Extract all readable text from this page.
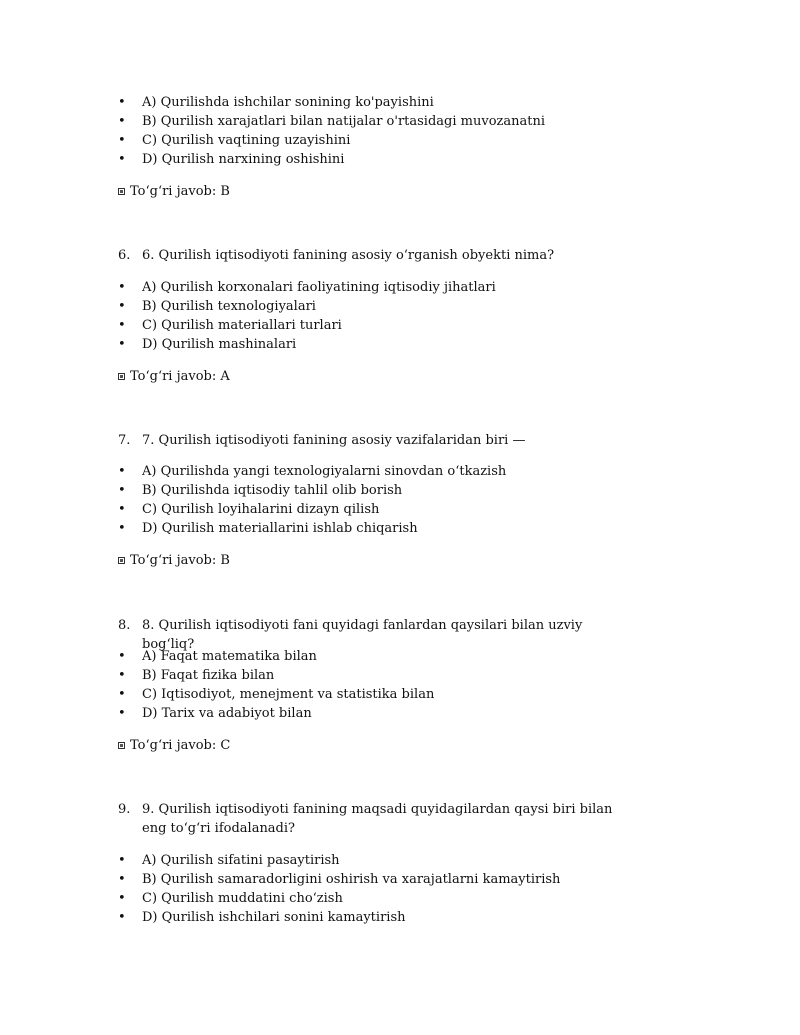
•	A) Qurilishda ishchilar sonining ko'payishini
•	B) Qurilish xarajatlari bilan natijalar o'rtasidagi muvozanatni
•	C) Qurilish vaqtining uzayishini
•	D) Qurilish narxining oshishini
To‘g‘ri javob: B
6. 6. Qurilish iqtisodiyoti fanining asosiy o‘rganish obyekti nima?
•	A) Qurilish korxonalari faoliyatining iqtisodiy jihatlari
•	B) Qurilish texnologiyalari
•	C) Qurilish materiallari turlari
•	D) Qurilish mashinalari
To‘g‘ri javob: A
7. 7. Qurilish iqtisodiyoti fanining asosiy vazifalaridan biri —
•	A) Qurilishda yangi texnologiyalarni sinovdan o‘tkazish
•	B) Qurilishda iqtisodiy tahlil olib borish
•	C) Qurilish loyihalarini dizayn qilish
•	D) Qurilish materiallarini ishlab chiqarish
To‘g‘ri javob: B
8. 8. Qurilish iqtisodiyoti fani quyidagi fanlardan qaysilari bilan uzviy bog‘liq?
•	A) Faqat matematika bilan
•	B) Faqat fizika bilan
•	C) Iqtisodiyot, menejment va statistika bilan
•	D) Tarix va adabiyot bilan
To‘g‘ri javob: C
9. 9. Qurilish iqtisodiyoti fanining maqsadi quyidagilardan qaysi biri bilan eng to‘g‘ri ifodalanadi?
•	A) Qurilish sifatini pasaytirish
•	B) Qurilish samaradorligini oshirish va xarajatlarni kamaytirish
•	C) Qurilish muddatini cho‘zish
•	D) Qurilish ishchilari sonini kamaytirish
